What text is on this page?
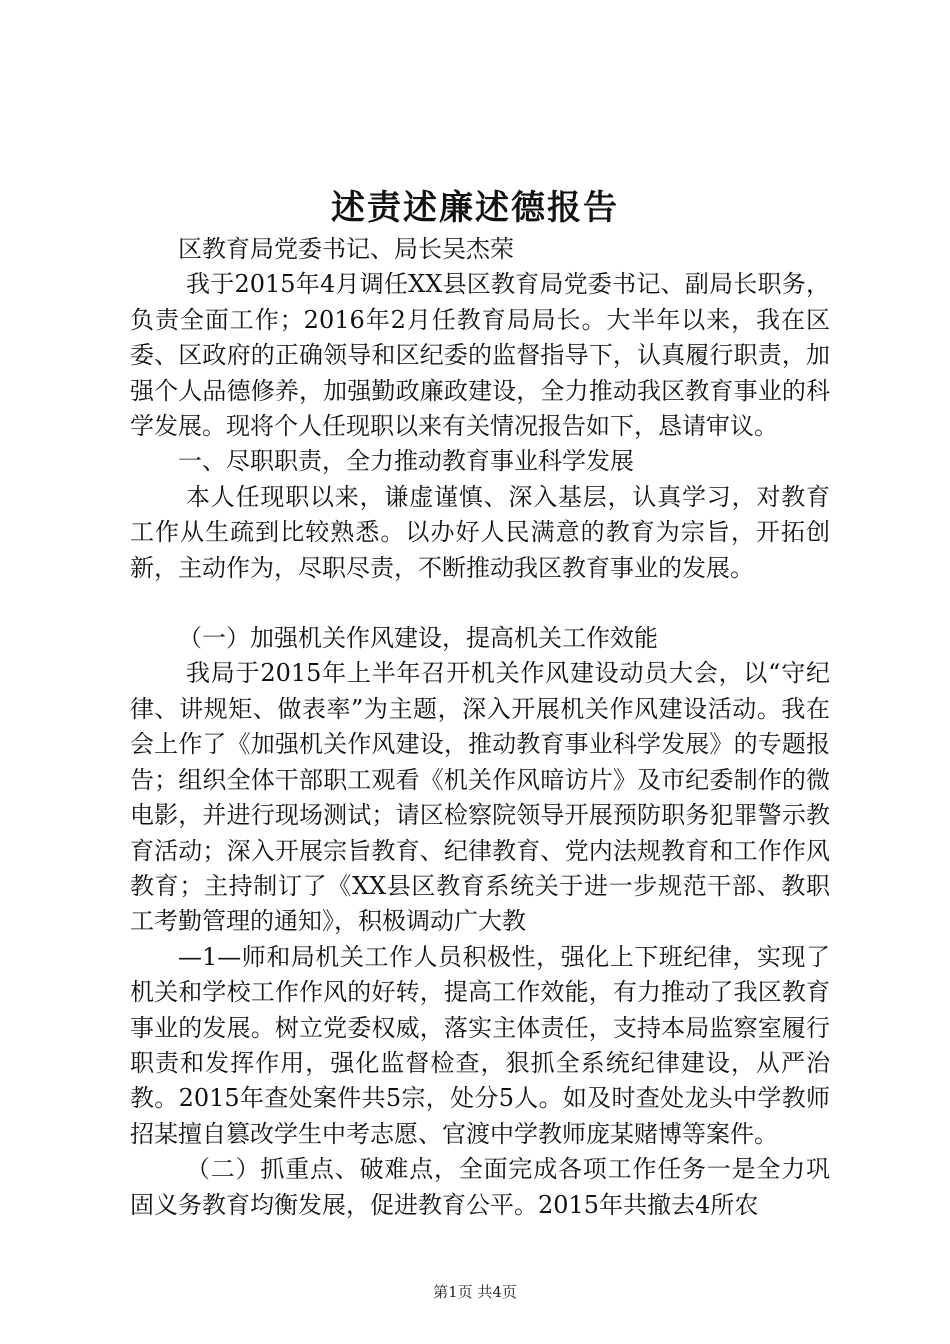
述责述廉述德报告

区教育局党委书记、局长吴杰荣

我于2015年4月调任XX县区教育局党委书记、副局长职务，负责全面工作；2016年2月任教育局局长。大半年以来，我在区委、区政府的正确领导和区纪委的监督指导下，认真履行职责，加强个人品德修养，加强勤政廉政建设，全力推动我区教育事业的科学发展。现将个人任现职以来有关情况报告如下，恳请审议。

一、尽职职责，全力推动教育事业科学发展

本人任现职以来，谦虚谨慎、深入基层，认真学习，对教育工作从生疏到比较熟悉。以办好人民满意的教育为宗旨，开拓创新，主动作为，尽职尽责，不断推动我区教育事业的发展。

（一）加强机关作风建设，提高机关工作效能

我局于2015年上半年召开机关作风建设动员大会，以“守纪律、讲规矩、做表率”为主题，深入开展机关作风建设活动。我在会上作了《加强机关作风建设，推动教育事业科学发展》的专题报告；组织全体干部职工观看《机关作风暗访片》及市纪委制作的微电影，并进行现场测试；请区检察院领导开展预防职务犯罪警示教育活动；深入开展宗旨教育、纪律教育、党内法规教育和工作作风教育；主持制订了《XX县区教育系统关于进一步规范干部、教职工考勤管理的通知》，积极调动广大教

—1—师和局机关工作人员积极性，强化上下班纪律，实现了机关和学校工作作风的好转，提高工作效能，有力推动了我区教育事业的发展。树立党委权威，落实主体责任，支持本局监察室履行职责和发挥作用，强化监督检查，狠抓全系统纪律建设，从严治教。2015年查处案件共5宗，处分5人。如及时查处龙头中学教师招某擅自篡改学生中考志愿、官渡中学教师庞某赌博等案件。

（二）抓重点、破难点，全面完成各项工作任务一是全力巩固义务教育均衡发展，促进教育公平。2015年共撤去4所农

第1页 共4页
